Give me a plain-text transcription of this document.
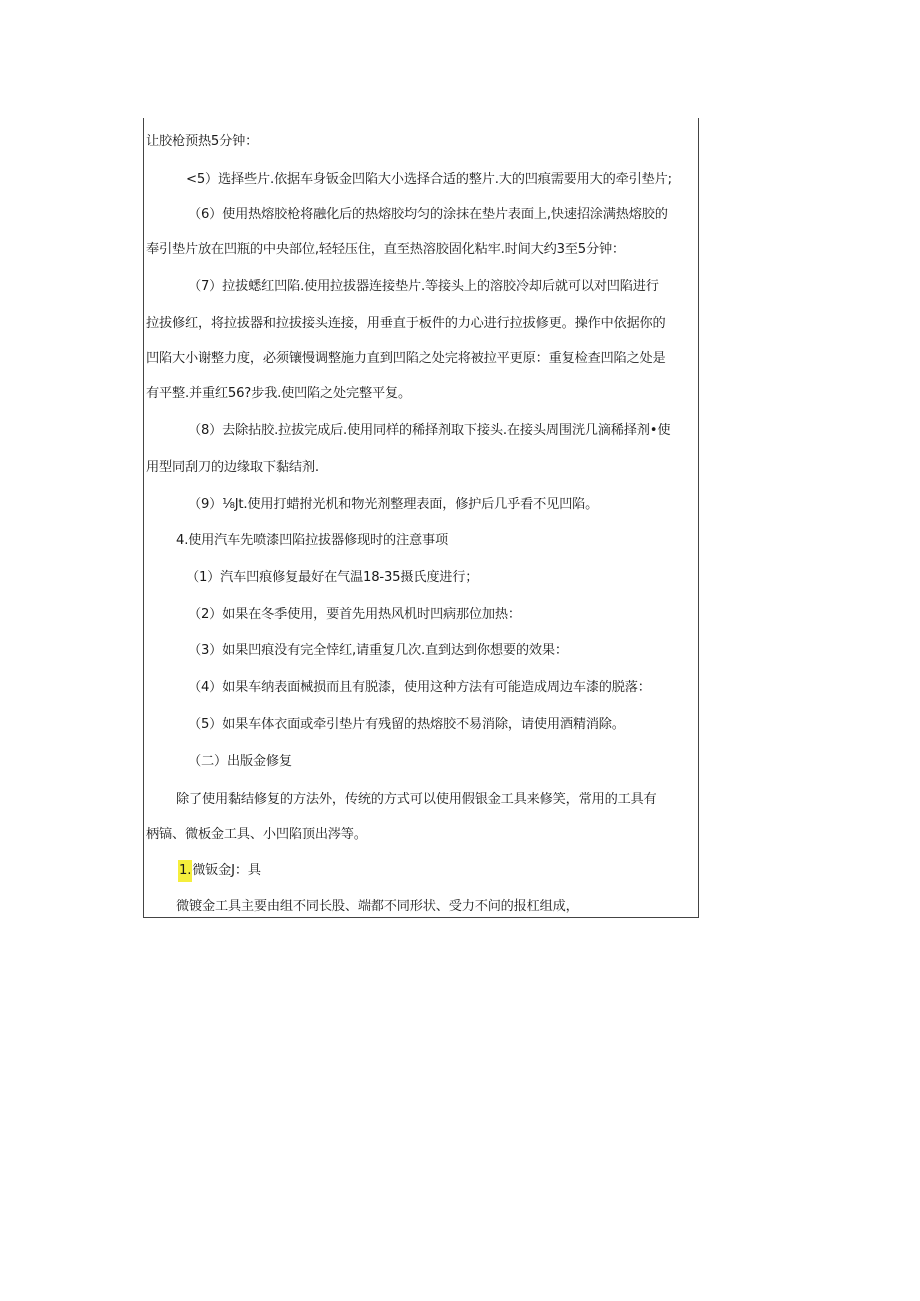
让胶枪预热5分钟：
<5）选择些片.依据车身钣金凹陷大小选择合适的整片.大的凹痕需要用大的牵引垫片;
（6）使用热熔胶枪将融化后的热熔胶均匀的涂抹在垫片表面上,快速招涂满热熔胶的
奉引垫片放在凹瓶的中央部位,轻轻压住，直至热溶胶固化粘牢.时间大约3至5分钟：
（7）拉拔蟋红凹陷.使用拉拔器连接垫片.等接头上的溶胶冷却后就可以对凹陷进行
拉拔修红，将拉拔器和拉拔接头连接，用垂直于板件的力心进行拉拔修更。操作中依据你的
凹陷大小谢整力度，必须镶慢调整施力直到凹陷之处完将被拉平更原：重复检查凹陷之处是
有平整.并重红56?步我.使凹陷之处完整平复。
（8）去除拈胶.拉拔完成后.使用同样的稀择剂取下接头.在接头周围洸几滴稀择剂•使
用型同刮刀的边缘取下黏结剂.
（9）⅛Jt.使用打蜡拊光机和物光剂整理表面，修护后几乎看不见凹陷。
4.使用汽车先喷漆凹陷拉拔器修现时的注意事项
（1）汽车凹痕修复最好在气温18-35摄氏度进行；
（2）如果在冬季使用，要首先用热风机时凹病那位加热：
（3）如果凹痕没有完全悻红,请重复几次.直到达到你想要的效果：
（4）如果车纳表面械损而且有脱漆，使用这种方法有可能造成周边车漆的脱落：
（5）如果车体衣面或牵引垫片有残留的热熔胶不易消除，请使用酒精消除。
（二）出版金修复
除了使用黏结修复的方法外，传统的方式可以使用假银金工具来修笑，常用的工具有
柄镐、微板金工具、小凹陷顶出涔等。
1.微钣金J：具
微镀金工具主要由组不同长股、端都不同形状、受力不问的报杠组成，
